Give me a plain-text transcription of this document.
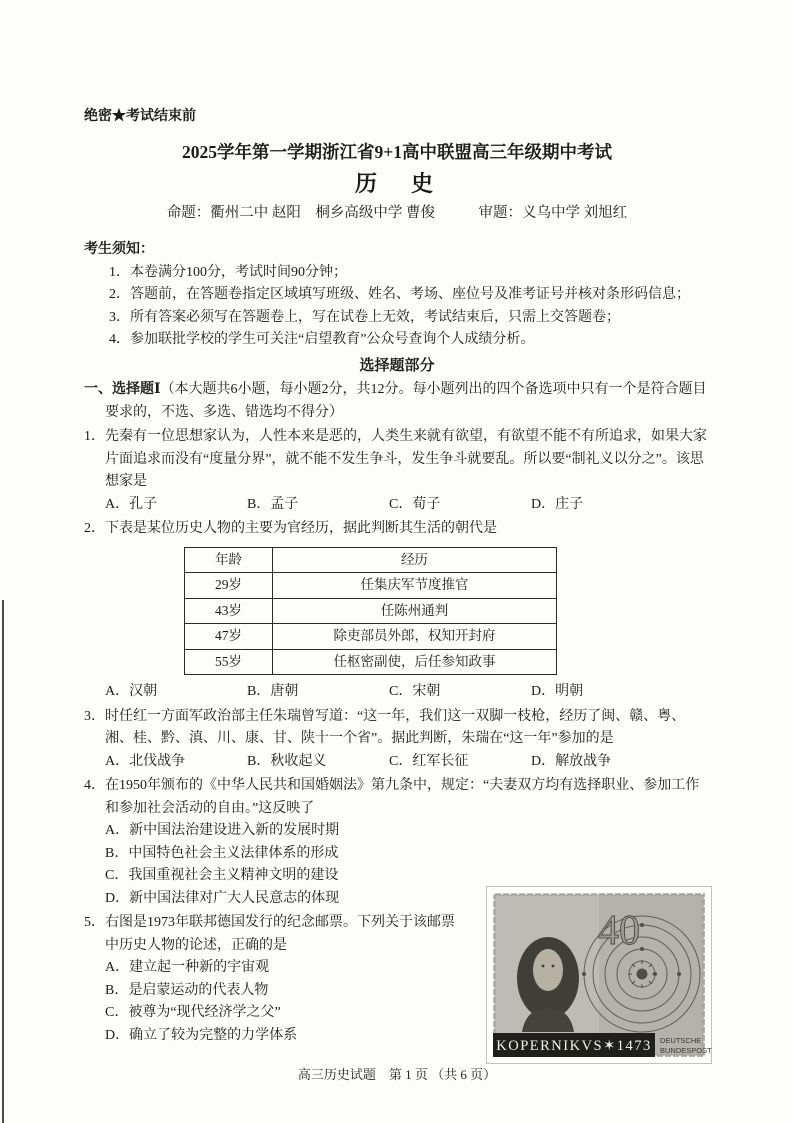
绝密★考试结束前
2025学年第一学期浙江省9+1高中联盟高三年级期中考试
历　史
命题：衢州二中 赵阳　桐乡高级中学 曹俊　　　审题：义乌中学 刘旭红
考生须知：
1．本卷满分100分，考试时间90分钟；
2．答题前，在答题卷指定区域填写班级、姓名、考场、座位号及准考证号并核对条形码信息；
3．所有答案必须写在答题卷上，写在试卷上无效，考试结束后，只需上交答题卷；
4．参加联批学校的学生可关注“启望教育”公众号查询个人成绩分析。
选择题部分
一、选择题Ⅰ（本大题共6小题，每小题2分，共12分。每小题列出的四个备选项中只有一个是符合题目要求的，不选、多选、错选均不得分）

1．先秦有一位思想家认为，人性本来是恶的，人类生来就有欲望，有欲望不能不有所追求，如果大家片面追求而没有“度量分界”，就不能不发生争斗，发生争斗就要乱。所以要“制礼义以分之”。该思想家是

A．孔子	B．孟子	C．荀子	D．庄子

2．下表是某位历史人物的主要为官经历，据此判断其生活的朝代是

年龄	经历
29岁	任集庆军节度推官
43岁	任陈州通判
47岁	除吏部员外郎，权知开封府
55岁	任枢密副使，后任参知政事
A．汉朝	B．唐朝	C．宋朝	D．明朝

3．时任红一方面军政治部主任朱瑞曾写道：“这一年，我们这一双脚一枝枪，经历了闽、赣、粤、湘、桂、黔、滇、川、康、甘、陕十一个省”。据此判断，朱瑞在“这一年”参加的是

A．北伐战争	B．秋收起义	C．红军长征	D．解放战争

4．在1950年颁布的《中华人民共和国婚姻法》第九条中，规定：“夫妻双方均有选择职业、参加工作和参加社会活动的自由。”这反映了

A．新中国法治建设进入新的发展时期
B．中国特色社会主义法律体系的形成
C．我国重视社会主义精神文明的建设
D．新中国法律对广大人民意志的体现
40
KOPERNIKVS✶1473 DEUTSCHE
BUNDESPOST

5．右图是1973年联邦德国发行的纪念邮票。下列关于该邮票中历史人物的论述，正确的是

A．建立起一种新的宇宙观
B．是启蒙运动的代表人物
C．被尊为“现代经济学之父”
D．确立了较为完整的力学体系
高三历史试题　第 1 页 （共 6 页）
